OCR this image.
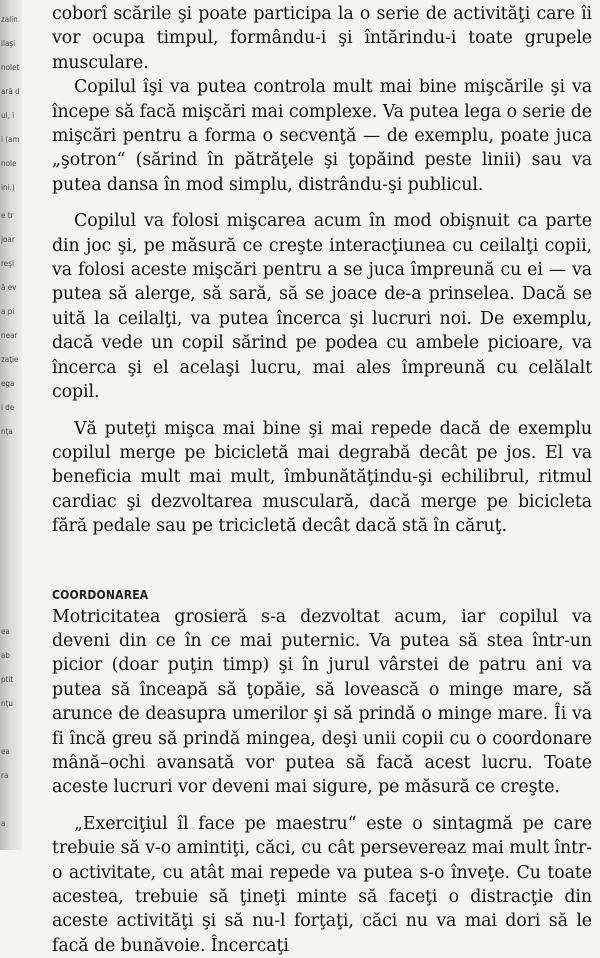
zalin
ilaşi
nolet
ară d
ul, î
i (am
nole
ini.)
e tr
joar
reşi
ă ev
a pi
near
zaţie
ega
i de
nţa
ea
ab
ptit
nţu
ea
ra
a

coborî scările şi poate participa la o serie de activităţi care îi vor ocupa timpul, formându-i şi întărindu-i toate grupele musculare.

Copilul îşi va putea controla mult mai bine mişcările şi va începe să facă mişcări mai complexe. Va putea lega o serie de mişcări pentru a forma o secvenţă — de exemplu, poate juca „şotron“ (sărind în pătrăţele şi ţopăind peste linii) sau va putea dansa în mod simplu, distrându-şi publicul.

Copilul va folosi mişcarea acum în mod obişnuit ca parte din joc şi, pe măsură ce creşte interacţiunea cu ceilalţi copii, va folosi aceste mişcări pentru a se juca împreună cu ei — va putea să alerge, să sară, să se joace de-a prinselea. Dacă se uită la ceilalţi, va putea încerca şi lucruri noi. De exemplu, dacă vede un copil sărind pe podea cu ambele picioare, va încerca şi el acelaşi lucru, mai ales împreună cu celălalt copil.

Vă puteţi mişca mai bine şi mai repede dacă de exemplu copilul merge pe bicicletă mai degrabă decât pe jos. El va beneficia mult mai mult, îmbunătăţindu-şi echilibrul, ritmul cardiac şi dezvoltarea musculară, dacă merge pe bicicleta fără pedale sau pe tricicletă decât dacă stă în căruţ.

COORDONAREA

Motricitatea grosieră s-a dezvoltat acum, iar copilul va deveni din ce în ce mai puternic. Va putea să stea într-un picior (doar puţin timp) şi în jurul vârstei de patru ani va putea să înceapă să ţopăie, să lovească o minge mare, să arunce de deasupra umerilor şi să prindă o minge mare. Îi va fi încă greu să prindă mingea, deşi unii copii cu o coordonare mână–ochi avansată vor putea să facă acest lucru. Toate aceste lucruri vor deveni mai sigure, pe măsură ce creşte.

„Exerciţiul îl face pe maestru“ este o sintagmă pe care trebuie să v-o amintiţi, căci, cu cât persevereaz mai mult într-o activitate, cu atât mai repede va putea s-o înveţe. Cu toate acestea, trebuie să ţineţi minte să faceţi o distracţie din aceste activităţi şi să nu-l forţaţi, căci nu va mai dori să le facă de bunăvoie. Încercaţi
